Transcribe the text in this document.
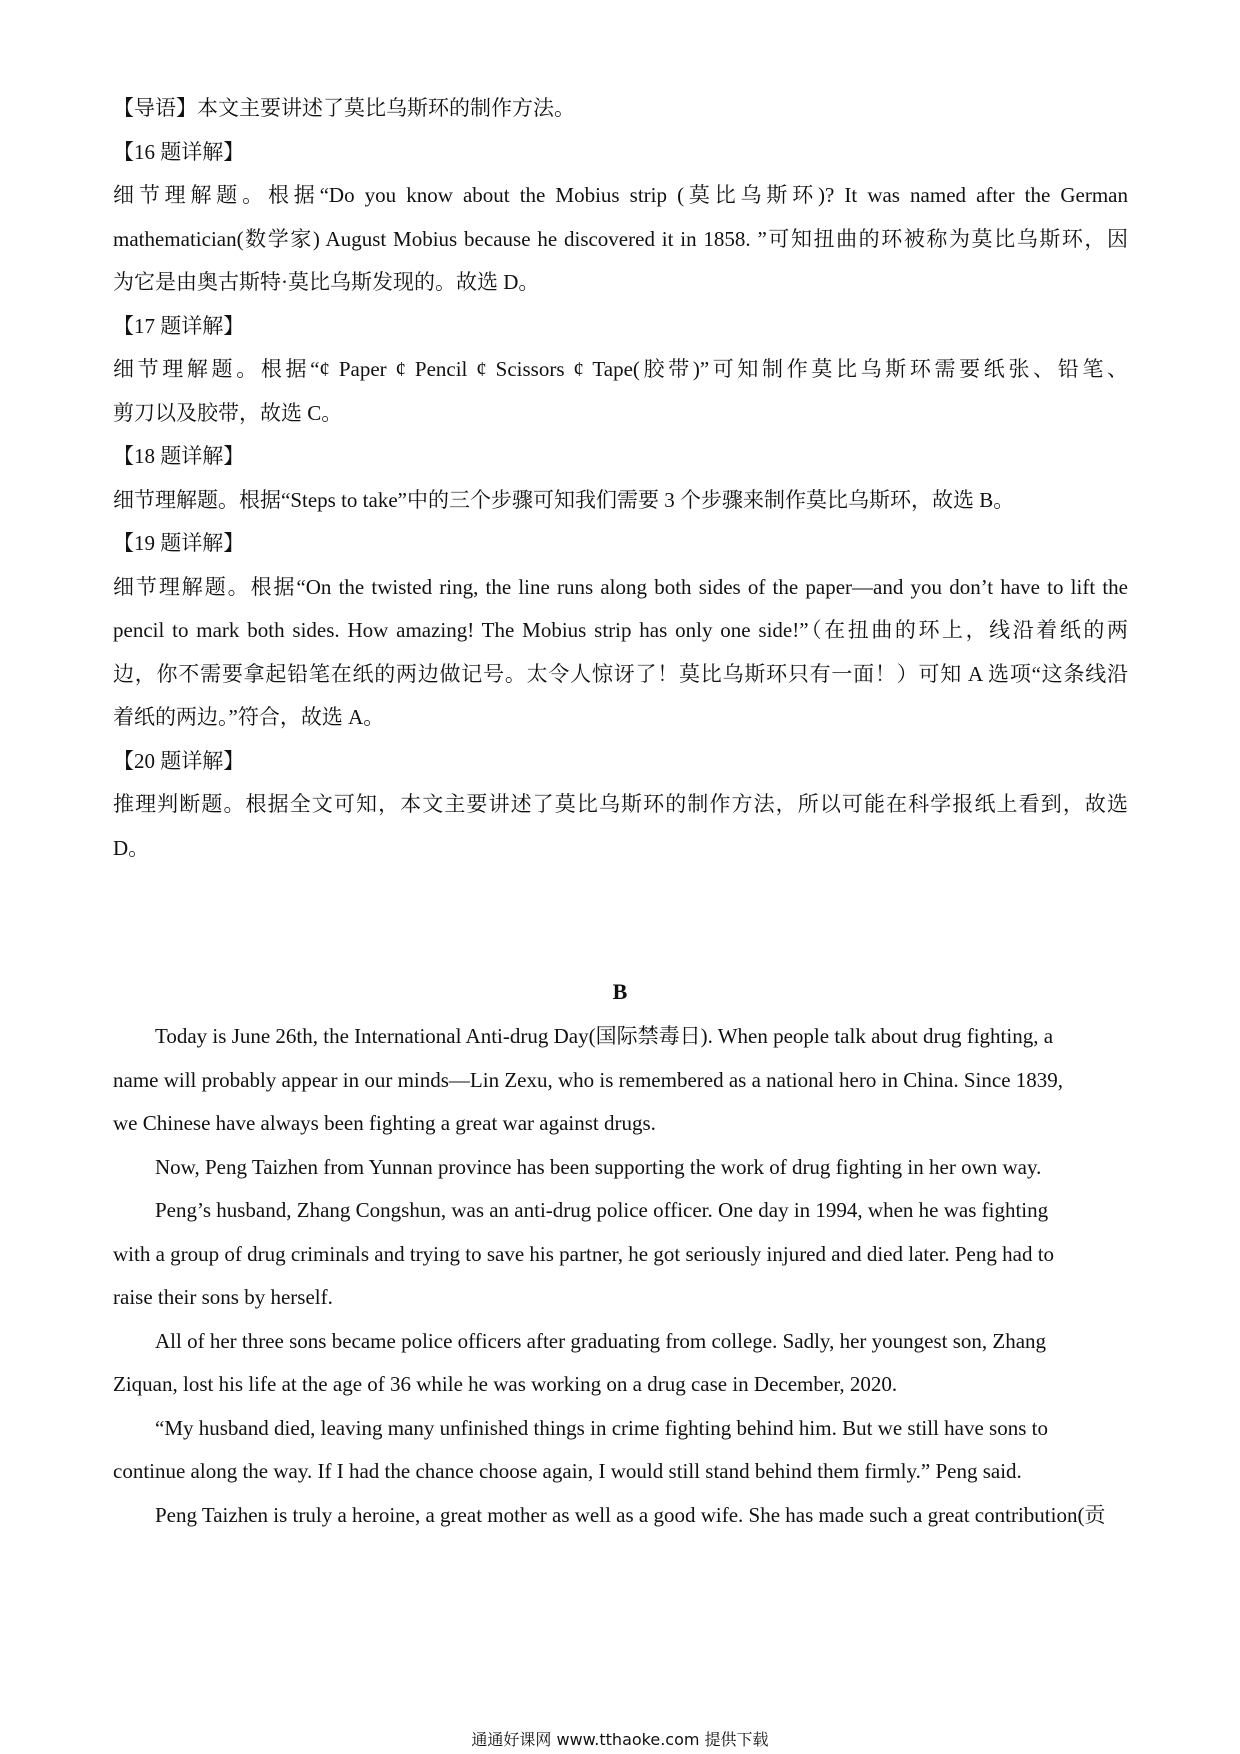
【导语】本文主要讲述了莫比乌斯环的制作方法。
【16 题详解】
细节理解题。根据“Do you know about the Mobius strip (莫比乌斯环)? It was named after the German
mathematician(数学家) August Mobius because he discovered it in 1858. ”可知扭曲的环被称为莫比乌斯环，因
为它是由奥古斯特·莫比乌斯发现的。故选 D。
【17 题详解】
细节理解题。根据“¢ Paper ¢ Pencil ¢ Scissors ¢ Tape(胶带)”可知制作莫比乌斯环需要纸张、铅笔、
剪刀以及胶带，故选 C。
【18 题详解】
细节理解题。根据“Steps to take”中的三个步骤可知我们需要 3 个步骤来制作莫比乌斯环，故选 B。
【19 题详解】
细节理解题。根据“On the twisted ring, the line runs along both sides of the paper—and you don’t have to lift the
pencil to mark both sides. How amazing! The Mobius strip has only one side!”（在扭曲的环上，线沿着纸的两
边，你不需要拿起铅笔在纸的两边做记号。太令人惊讶了！莫比乌斯环只有一面！）可知 A 选项“这条线沿
着纸的两边。”符合，故选 A。
【20 题详解】
推理判断题。根据全文可知，本文主要讲述了莫比乌斯环的制作方法，所以可能在科学报纸上看到，故选
D。
B
Today is June 26th, the International Anti-drug Day(国际禁毒日). When people talk about drug fighting, a
name will probably appear in our minds—Lin Zexu, who is remembered as a national hero in China. Since 1839,
we Chinese have always been fighting a great war against drugs.
Now, Peng Taizhen from Yunnan province has been supporting the work of drug fighting in her own way.
Peng’s husband, Zhang Congshun, was an anti-drug police officer. One day in 1994, when he was fighting
with a group of drug criminals and trying to save his partner, he got seriously injured and died later. Peng had to
raise their sons by herself.
All of her three sons became police officers after graduating from college. Sadly, her youngest son, Zhang
Ziquan, lost his life at the age of 36 while he was working on a drug case in December, 2020.
“My husband died, leaving many unfinished things in crime fighting behind him. But we still have sons to
continue along the way. If I had the chance choose again, I would still stand behind them firmly.” Peng said.
Peng Taizhen is truly a heroine, a great mother as well as a good wife. She has made such a great contribution(贡
通通好课网 www.tthaoke.com 提供下载
